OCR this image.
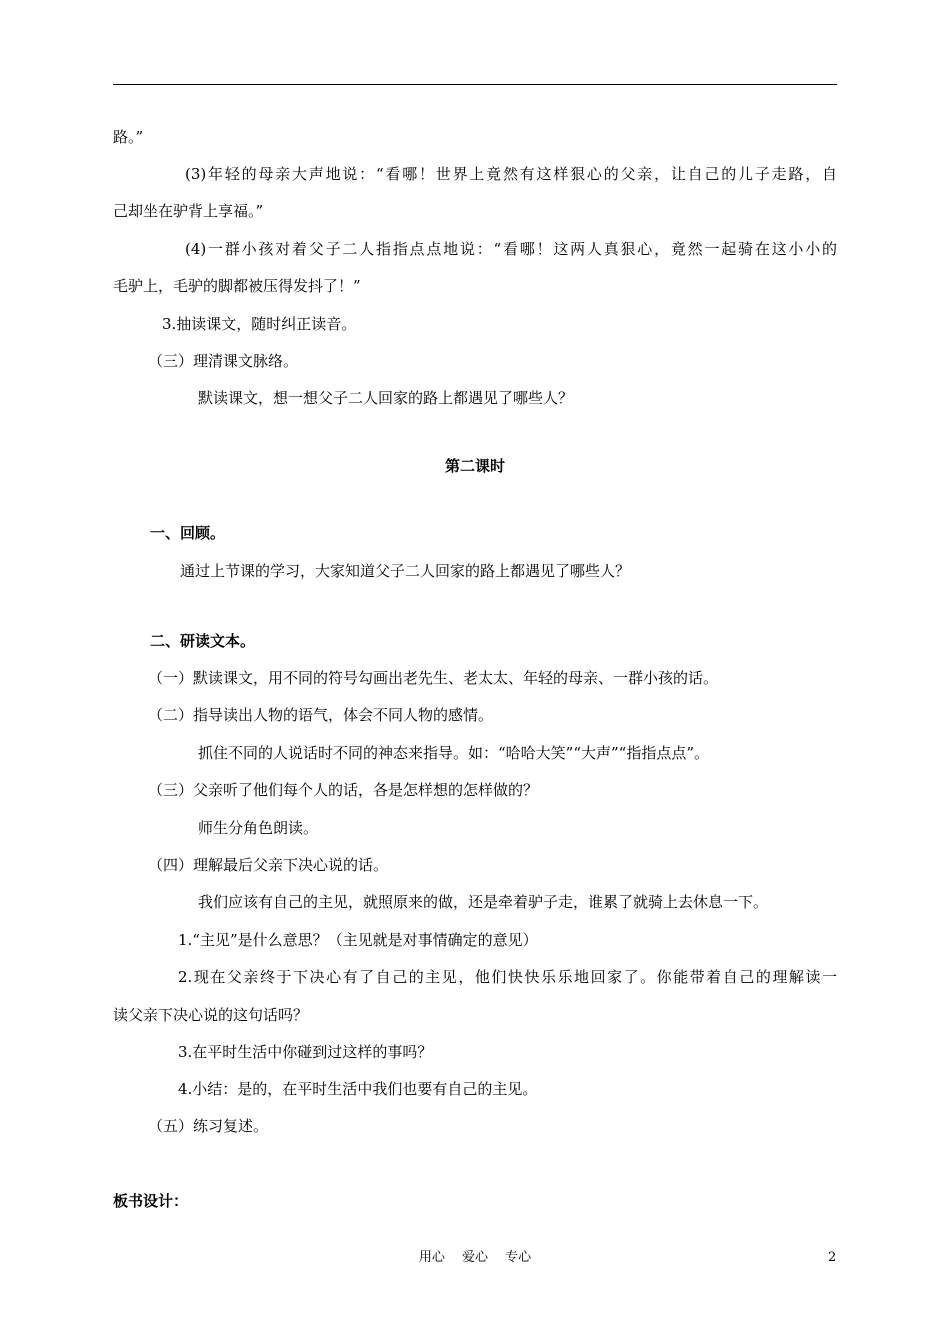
路。”

(3)年轻的母亲大声地说：“看哪！世界上竟然有这样狠心的父亲，让自己的儿子走路，自

己却坐在驴背上享福。”

(4)一群小孩对着父子二人指指点点地说：“看哪！这两人真狠心，竟然一起骑在这小小的

毛驴上，毛驴的脚都被压得发抖了！”

3.抽读课文，随时纠正读音。

（三）理清课文脉络。

默读课文，想一想父子二人回家的路上都遇见了哪些人？

第二课时

一、回顾。

通过上节课的学习，大家知道父子二人回家的路上都遇见了哪些人？

二、研读文本。

（一）默读课文，用不同的符号勾画出老先生、老太太、年轻的母亲、一群小孩的话。

（二）指导读出人物的语气，体会不同人物的感情。

抓住不同的人说话时不同的神态来指导。如：“哈哈大笑”“大声”“指指点点”。

（三）父亲听了他们每个人的话，各是怎样想的怎样做的？

师生分角色朗读。

（四）理解最后父亲下决心说的话。

我们应该有自己的主见，就照原来的做，还是牵着驴子走，谁累了就骑上去休息一下。

1.“主见”是什么意思？（主见就是对事情确定的意见）

2.现在父亲终于下决心有了自己的主见，他们快快乐乐地回家了。你能带着自己的理解读一

读父亲下决心说的这句话吗？

3.在平时生活中你碰到过这样的事吗？

4.小结：是的，在平时生活中我们也要有自己的主见。

（五）练习复述。

板书设计：

用心　 爱心 　专心	2
